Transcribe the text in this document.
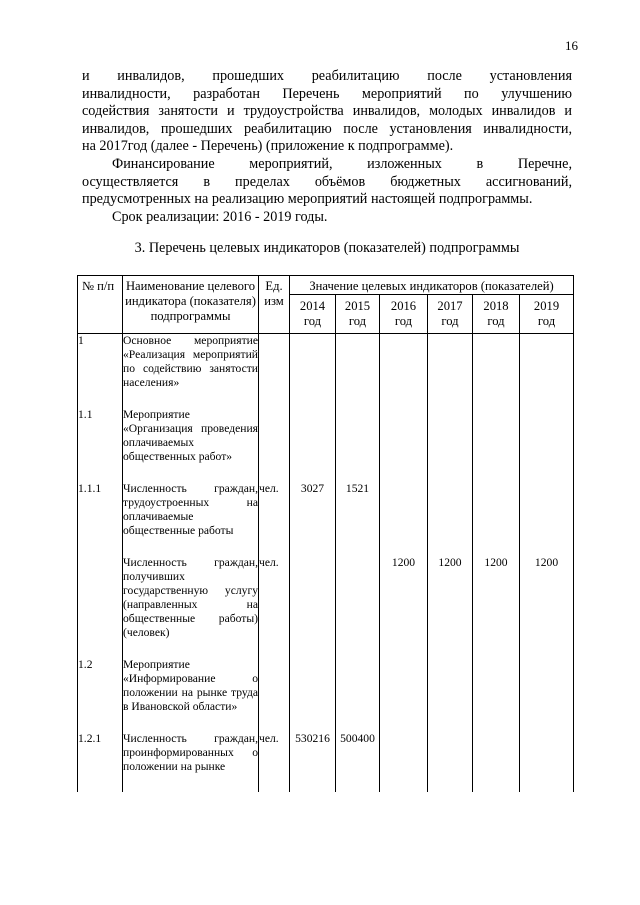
16

и инвалидов, прошедших реабилитацию после установления

инвалидности, разработан Перечень мероприятий по улучшению

содействия занятости и трудоустройства инвалидов, молодых инвалидов и

инвалидов, прошедших реабилитацию после установления инвалидности,

на 2017год (далее - Перечень) (приложение к подпрограмме).

Финансирование мероприятий, изложенных в Перечне,

осуществляется в пределах объёмов бюджетных ассигнований,

предусмотренных на реализацию мероприятий настоящей подпрограммы.

Срок реализации: 2016 - 2019 годы.

3. Перечень целевых индикаторов (показателей) подпрограммы
№ п/п	Наименование целевого индикатора (показателя) подпрограммы	Ед. изм	Значение целевых индикаторов (показателей)					
			2014 год	2015 год	2016 год	2017 год	2018 год	2019 год
1	Основное мероприятие «Реализация мероприятий по содействию занятости населения»							
1.1	Мероприятие «Организация проведения оплачиваемых общественных работ»							
1.1.1	Численность граждан, трудоустроенных на оплачиваемые общественные работы	чел.	3027	1521				
	Численность граждан, получивших государственную услугу (направленных на общественные работы) (человек)	чел.			1200	1200	1200	1200
1.2	Мероприятие «Информирование о положении на рынке труда в Ивановской области»							
1.2.1	Численность граждан, проинформированных о положении на рынке	чел.	530216	500400				
